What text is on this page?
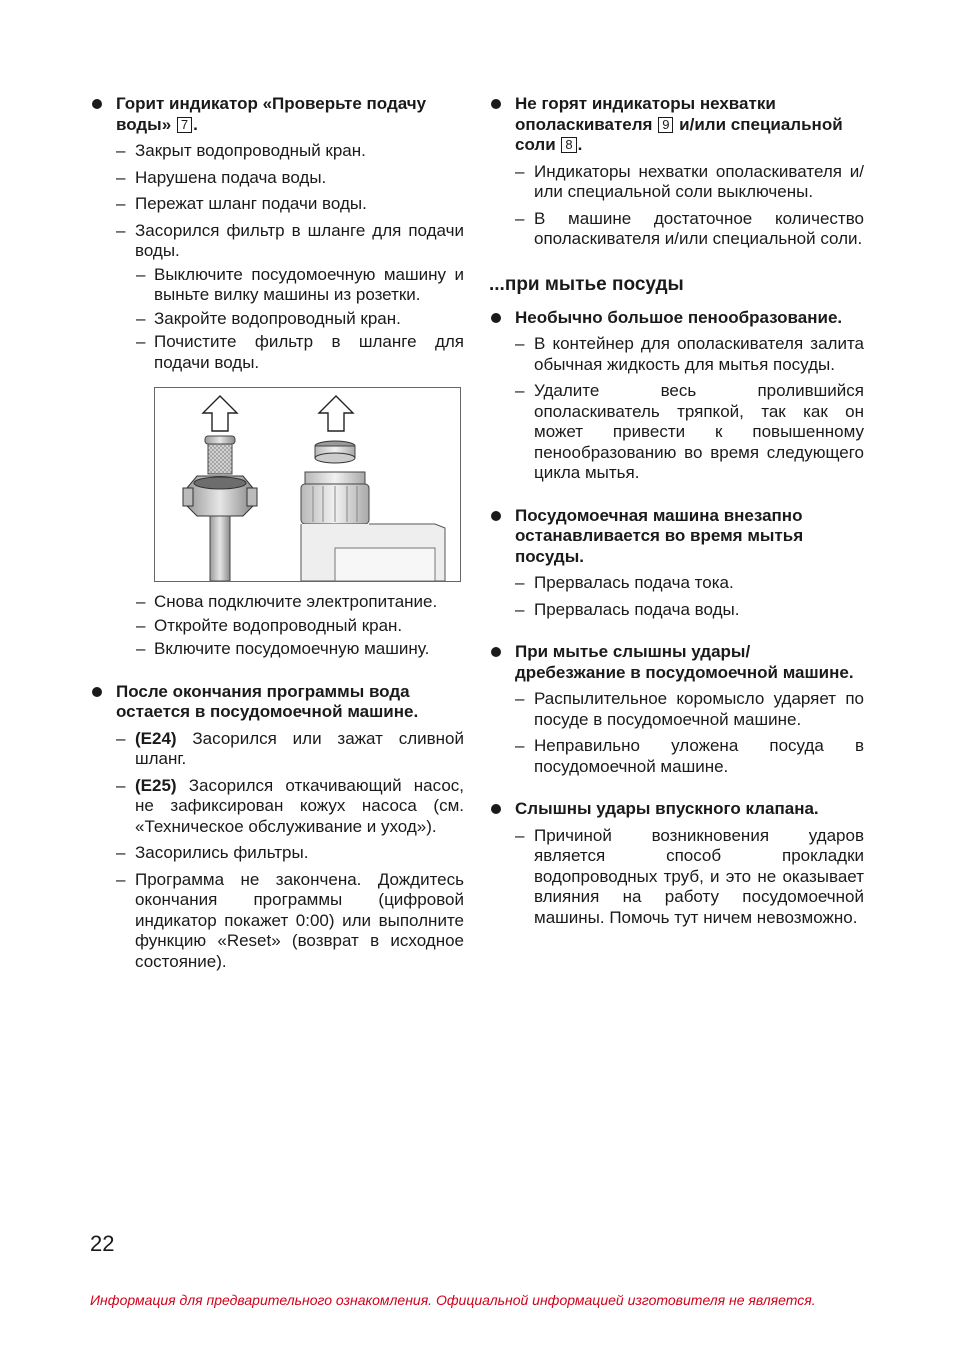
Горит индикатор «Проверьте подачу воды» 7 .
– Закрыт водопроводный кран.
– Нарушена подача воды.
– Пережат шланг подачи воды.
– Засорился фильтр в шланге для подачи воды.
– Выключите посудомоечную машину и выньте вилку машины из розетки.
– Закройте водопроводный кран.
– Почистите фильтр в шланге для подачи воды.
– Снова подключите электропитание.
– Откройте водопроводный кран.
– Включите посудомоечную машину.
После окончания программы вода остается в посудомоечной машине.
– (E24) Засорился или зажат сливной шланг.
– (E25) Засорился откачивающий насос, не зафиксирован кожух насоса (см. «Техническое обслуживание и уход»).
– Засорились фильтры.
– Программа не закончена. Дождитесь окончания программы (цифровой индикатор покажет 0:00) или выполните функцию «Reset» (возврат в исходное состояние).
Не горят индикаторы нехватки ополаскивателя 9 и/или специальной соли 8 .
– Индикаторы нехватки ополаскивателя и/или специальной соли выключены.
– В машине достаточное количество ополаскивателя и/или специальной соли.
...при мытье посуды
Необычно большое пенообразование.
– В контейнер для ополаскивателя залита обычная жидкость для мытья посуды.
– Удалите весь пролившийся ополаскиватель тряпкой, так как он может привести к повышенному пенообразованию во время следующего цикла мытья.
Посудомоечная машина внезапно останавливается во время мытья посуды.
– Прервалась подача тока.
– Прервалась подача воды.
При мытье слышны удары/ дребезжание в посудомоечной машине.
– Распылительное коромысло ударяет по посуде в посудомоечной машине.
– Неправильно уложена посуда в посудомоечной машине.
Слышны удары впускного клапана.
– Причиной возникновения ударов является способ прокладки водопроводных труб, и это не оказывает влияния на работу посудомоечной машины. Помочь тут ничем невозможно.
22
Информация для предварительного ознакомления. Официальной информацией изготовителя не является.
